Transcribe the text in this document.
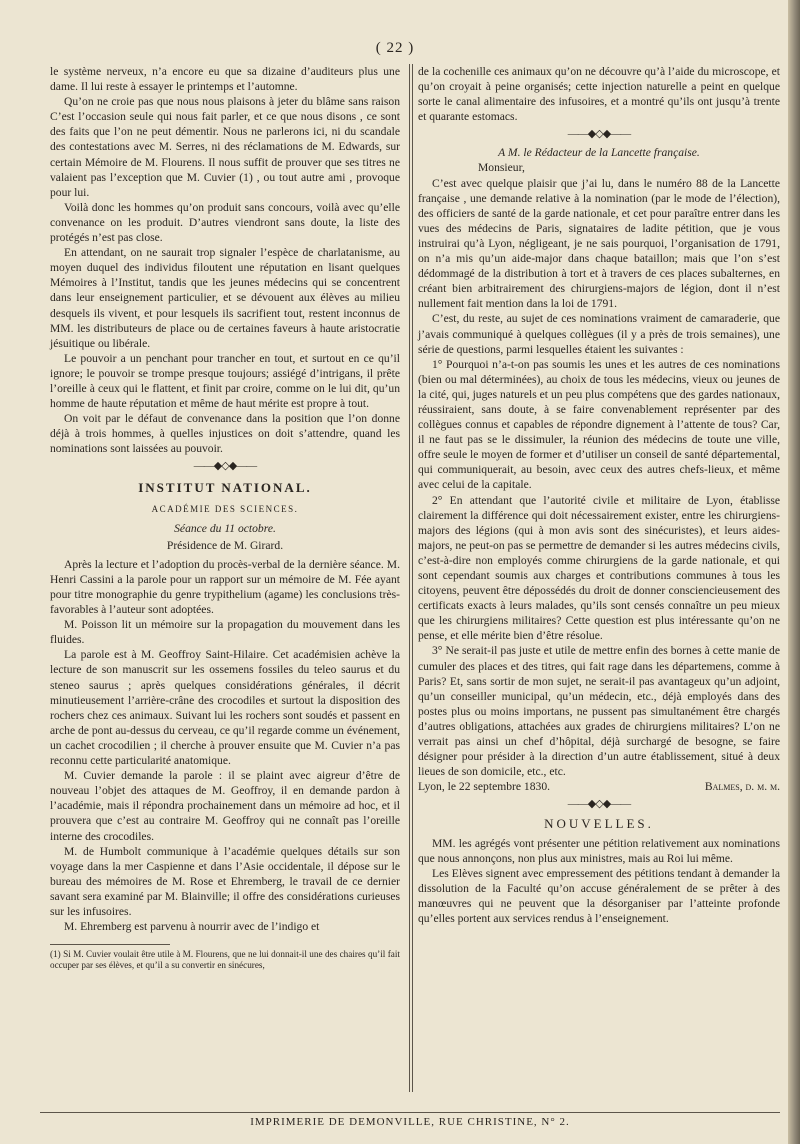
( 22 )

le système nerveux, n’a encore eu que sa dizaine d’auditeurs plus une dame. Il lui reste à essayer le printemps et l’automne.

Qu’on ne croie pas que nous nous plaisons à jeter du blâme sans raison C’est l’occasion seule qui nous fait parler, et ce que nous disons , ce sont des faits que l’on ne peut démentir. Nous ne parlerons ici, ni du scandale des contestations avec M. Serres, ni des réclamations de M. Edwards, sur certain Mémoire de M. Flourens. Il nous suffit de prouver que ses titres ne valaient pas l’exception que M. Cuvier (1) , ou tout autre ami , provoque pour lui.

Voilà donc les hommes qu’on produit sans concours, voilà avec qu’elle convenance on les produit. D’autres viendront sans doute, la liste des protégés n’est pas close.

En attendant, on ne saurait trop signaler l’espèce de charlatanisme, au moyen duquel des individus filoutent une réputation en lisant quelques Mémoires à l’Institut, tandis que les jeunes médecins qui se concentrent dans leur enseignement particulier, et se dévouent aux élèves au milieu desquels ils vivent, et pour lesquels ils sacrifient tout, restent inconnus de MM. les distributeurs de place ou de certaines faveurs à haute aristocratie jésuitique ou libérale.

Le pouvoir a un penchant pour trancher en tout, et surtout en ce qu’il ignore; le pouvoir se trompe presque toujours; assiégé d’intrigans, il prête l’oreille à ceux qui le flattent, et finit par croire, comme on le lui dit, qu’un homme de haute réputation et même de haut mérite est propre à tout.

On voit par le défaut de convenance dans la position que l’on donne déjà à trois hommes, à quelles injustices on doit s’attendre, quand les nominations sont laissées au pouvoir.

——◆◇◆——
INSTITUT NATIONAL.
ACADÉMIE DES SCIENCES.
Séance du 11 octobre.
Présidence de M. Girard.

Après la lecture et l’adoption du procès-verbal de la dernière séance. M. Henri Cassini a la parole pour un rapport sur un mémoire de M. Fée ayant pour titre monographie du genre trypithelium (agame) les conclusions très-favorables à l’auteur sont adoptées.

M. Poisson lit un mémoire sur la propagation du mouvement dans les fluides.

La parole est à M. Geoffroy Saint-Hilaire. Cet académisien achève la lecture de son manuscrit sur les ossemens fossiles du teleo saurus et du steneo saurus ; après quelques considérations générales, il décrit minutieusement l’arrière-crâne des crocodiles et surtout la disposition des rochers chez ces animaux. Suivant lui les rochers sont soudés et passent en arche de pont au-dessus du cerveau, ce qu’il regarde comme un événement, un cachet crocodilien ; il cherche à prouver ensuite que M. Cuvier n’a pas reconnu cette particularité anatomique.

M. Cuvier demande la parole : il se plaint avec aigreur d’être de nouveau l’objet des attaques de M. Geoffroy, il en demande pardon à l’académie, mais il répondra prochainement dans un mémoire ad hoc, et il prouvera que c’est au contraire M. Geoffroy qui ne connaît pas l’oreille interne des crocodiles.

M. de Humbolt communique à l’académie quelques détails sur son voyage dans la mer Caspienne et dans l’Asie occidentale, il dépose sur le bureau des mémoires de M. Rose et Ehremberg, le travail de ce dernier savant sera examiné par M. Blainville; il offre des considérations curieuses sur les infusoires.

M. Ehremberg est parvenu à nourrir avec de l’indigo et

(1) Si M. Cuvier voulait être utile à M. Flourens, que ne lui donnait-il une des chaires qu’il fait occuper par ses élèves, et qu’il a su convertir en sinécures,

de la cochenille ces animaux qu’on ne découvre qu’à l’aide du microscope, et qu’on croyait à peine organisés; cette injection naturelle a peint en quelque sorte le canal alimentaire des infusoires, et a montré qu’ils ont jusqu’à trente et quarante estomacs.

——◆◇◆——
A M. le Rédacteur de la Lancette française.

Monsieur,

C’est avec quelque plaisir que j’ai lu, dans le numéro 88 de la Lancette française , une demande relative à la nomination (par le mode de l’élection), des officiers de santé de la garde nationale, et cet pour paraître entrer dans les vues des médecins de Paris, signataires de ladite pétition, que je vous instruirai qu’à Lyon, négligeant, je ne sais pourquoi, l’organisation de 1791, on n’a mis qu’un aide-major dans chaque bataillon; mais que l’on s’est dédommagé de la distribution à tort et à travers de ces places subalternes, en créant bien arbitrairement des chirurgiens-majors de légion, dont il n’est nullement fait mention dans la loi de 1791.

C’est, du reste, au sujet de ces nominations vraiment de camaraderie, que j’avais communiqué à quelques collègues (il y a près de trois semaines), une série de questions, parmi lesquelles étaient les suivantes :

1° Pourquoi n’a-t-on pas soumis les unes et les autres de ces nominations (bien ou mal déterminées), au choix de tous les médecins, vieux ou jeunes de la cité, qui, juges naturels et un peu plus compétens que des gardes nationaux, réussiraient, sans doute, à se faire convenablement représenter par des collègues connus et capables de répondre dignement à l’attente de tous? Car, il ne faut pas se le dissimuler, la réunion des médecins de toute une ville, offre seule le moyen de former et d’utiliser un conseil de santé départemental, qui communiquerait, au besoin, avec ceux des autres chefs-lieux, et même avec celui de la capitale.

2° En attendant que l’autorité civile et militaire de Lyon, établisse clairement la différence qui doit nécessairement exister, entre les chirurgiens-majors des légions (qui à mon avis sont des sinécuristes), et leurs aides-majors, ne peut-on pas se permettre de demander si les autres médecins civils, c’est-à-dire non employés comme chirurgiens de la garde nationale, et qui sont cependant soumis aux charges et contributions communes à tous les citoyens, peuvent être dépossédés du droit de donner consciencieusement des certificats exacts à leurs malades, qu’ils sont censés connaître un peu mieux que les chirurgiens militaires? Cette question est plus intéressante qu’on ne pense, et elle mérite bien d’être résolue.

3° Ne serait-il pas juste et utile de mettre enfin des bornes à cette manie de cumuler des places et des titres, qui fait rage dans les départemens, comme à Paris? Et, sans sortir de mon sujet, ne serait-il pas avantageux qu’un adjoint, qu’un conseiller municipal, qu’un médecin, etc., déjà employés dans des postes plus ou moins importans, ne pussent pas simultanément être chargés d’autres obligations, attachées aux grades de chirurgiens militaires? L’on ne verrait pas ainsi un chef d’hôpital, déjà surchargé de besogne, se faire désigner pour présider à la direction d’un autre établissement, situé à deux lieues de son domicile, etc., etc.

Lyon, le 22 septembre 1830.	Balmes, d. m. m.

——◆◇◆——
NOUVELLES.

MM. les agrégés vont présenter une pétition relativement aux nominations que nous annonçons, non plus aux ministres, mais au Roi lui même.

Les Elèves signent avec empressement des pétitions tendant à demander la dissolution de la Faculté qu’on accuse généralement de se prêter à des manœuvres qui ne peuvent que la désorganiser par l’atteinte profonde qu’elles portent aux services rendus à l’enseignement.

IMPRIMERIE DE DEMONVILLE, RUE CHRISTINE, N° 2.
